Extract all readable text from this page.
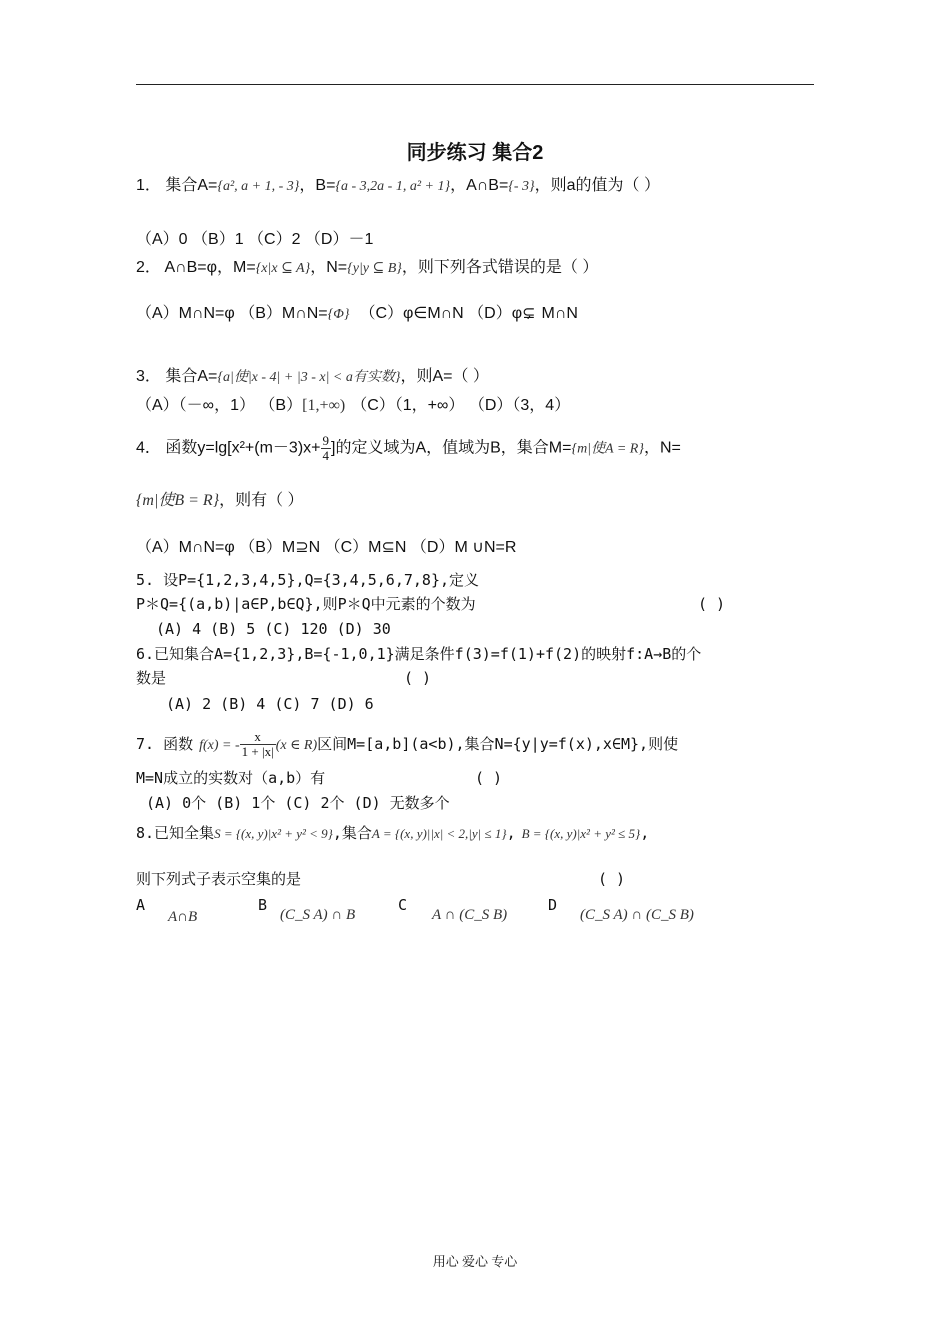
同步练习 集合2
1． 集合A={a², a + 1, - 3}，B={a - 3,2a - 1, a² + 1}，A∩B={- 3}，则a的值为（ ）
（A）0 （B）1 （C）2 （D）－1
2． A∩B=φ，M={x|x ⊆ A}，N={y|y ⊆ B}，则下列各式错误的是（ ）
（A）M∩N=φ （B）M∩N={Φ} （C）φ∈M∩N （D）φ⊊ M∩N
3． 集合A={a|使|x - 4| + |3 - x| < a有实数}，则A=（ ）
（A）（－∞，1） （B）[1,+∞) （C）（1，+∞） （D）（3，4）
4． 函数$y=\lg[x^2+(m-3)x+ \frac{9}{4}$ ]的定义域为A，值域为B，集合M={m|使A = R}，N=
{m|使B = R}，则有（ ）
（A）M∩N=φ （B）M⊇N （C）M⊆N （D）M ∪N=R
5. 设P={1,2,3,4,5},Q={3,4,5,6,7,8},定义
P＊Q={(a,b)|a∈P,b∈Q},则P＊Q中元素的个数为	( )
(A) 4 (B) 5 (C) 120 (D) 30
6.已知集合A={1,2,3},B={-1,0,1}满足条件f(3)=f(1)+f(2)的映射f:A→B的个
数是	( )
(A) 2 (B) 4 (C) 7 (D) 6
7. 函数 f(x) = - $\frac{x}{1 + |x|} (x$ ∈ R)区间M=[a,b](a<b),集合N={y|y=f(x),x∈M},则使
M=N成立的实数对（a,b）有	( )
(A) 0个 (B) 1个 (C) 2个 (D) 无数多个
8.已知全集S = {(x, y)|x² + y² < 9},集合A = {(x, y)||x| < 2,|y| ≤ 1}, B = {(x, y)|x² + y² ≤ 5},
则下列式子表示空集的是	( )
A
A∩B
B
(C_S A) ∩ B
C
A ∩ (C_S B)
D
(C_S A) ∩ (C_S B)
用心 爱心 专心
